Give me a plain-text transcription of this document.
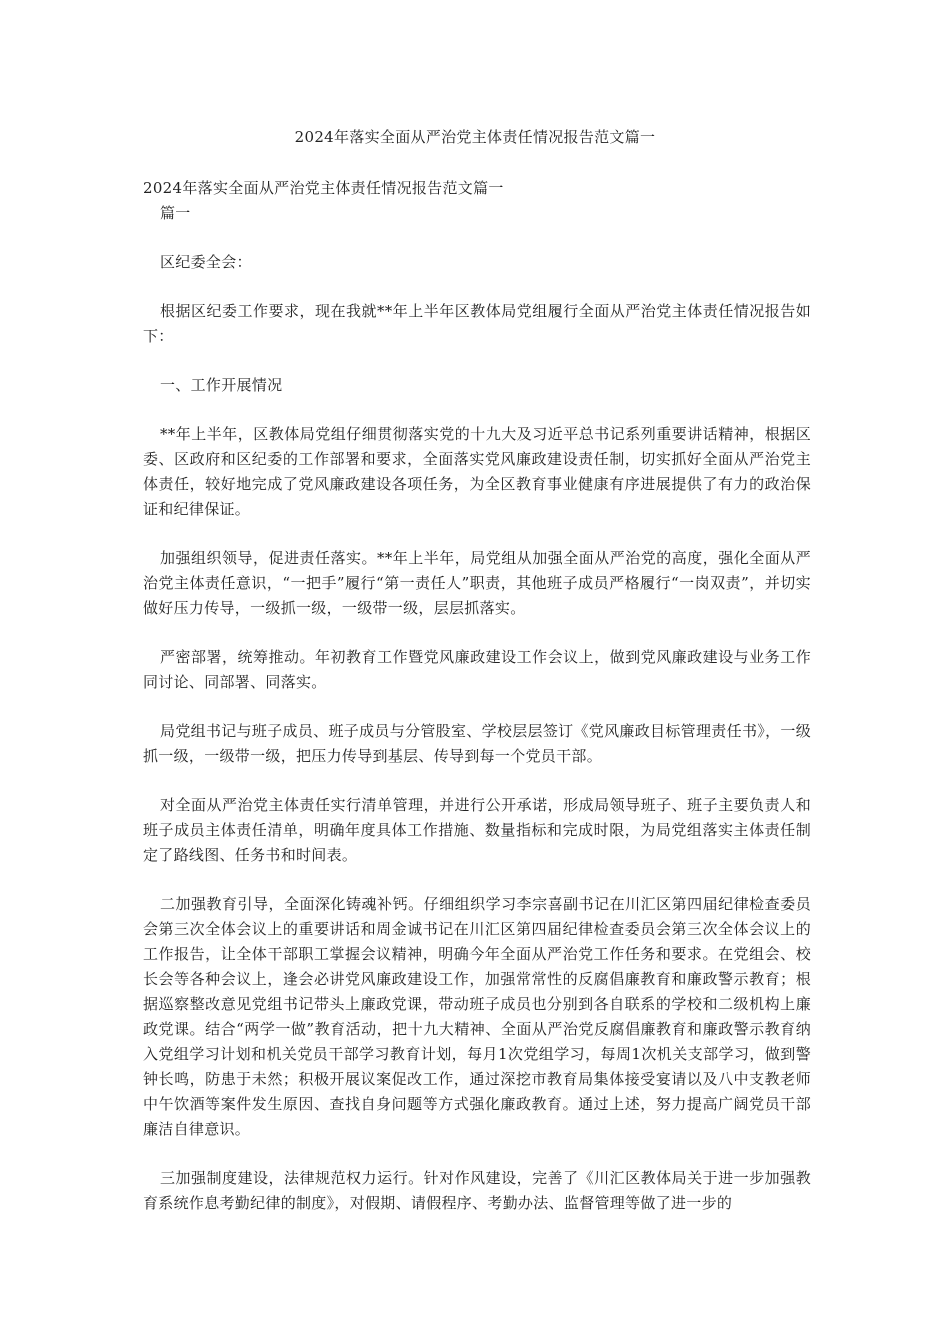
2024年落实全面从严治党主体责任情况报告范文篇一

2024年落实全面从严治党主体责任情况报告范文篇一

篇一

区纪委全会：

根据区纪委工作要求，现在我就**年上半年区教体局党组履行全面从严治党主体责任情况报告如下：

一、工作开展情况

**年上半年，区教体局党组仔细贯彻落实党的十九大及习近平总书记系列重要讲话精神，根据区委、区政府和区纪委的工作部署和要求，全面落实党风廉政建设责任制，切实抓好全面从严治党主体责任，较好地完成了党风廉政建设各项任务，为全区教育事业健康有序进展提供了有力的政治保证和纪律保证。

加强组织领导，促进责任落实。**年上半年，局党组从加强全面从严治党的高度，强化全面从严治党主体责任意识，“一把手”履行“第一责任人”职责，其他班子成员严格履行“一岗双责”，并切实做好压力传导，一级抓一级，一级带一级，层层抓落实。

严密部署，统筹推动。年初教育工作暨党风廉政建设工作会议上，做到党风廉政建设与业务工作同讨论、同部署、同落实。

局党组书记与班子成员、班子成员与分管股室、学校层层签订《党风廉政目标管理责任书》，一级抓一级，一级带一级，把压力传导到基层、传导到每一个党员干部。

对全面从严治党主体责任实行清单管理，并进行公开承诺，形成局领导班子、班子主要负责人和班子成员主体责任清单，明确年度具体工作措施、数量指标和完成时限，为局党组落实主体责任制定了路线图、任务书和时间表。

二加强教育引导，全面深化铸魂补钙。仔细组织学习李宗喜副书记在川汇区第四届纪律检查委员会第三次全体会议上的重要讲话和周金诚书记在川汇区第四届纪律检查委员会第三次全体会议上的工作报告，让全体干部职工掌握会议精神，明确今年全面从严治党工作任务和要求。在党组会、校长会等各种会议上，逢会必讲党风廉政建设工作，加强常常性的反腐倡廉教育和廉政警示教育；根据巡察整改意见党组书记带头上廉政党课，带动班子成员也分别到各自联系的学校和二级机构上廉政党课。结合“两学一做”教育活动，把十九大精神、全面从严治党反腐倡廉教育和廉政警示教育纳入党组学习计划和机关党员干部学习教育计划，每月1次党组学习，每周1次机关支部学习，做到警钟长鸣，防患于未然；积极开展议案促改工作，通过深挖市教育局集体接受宴请以及八中支教老师中午饮酒等案件发生原因、查找自身问题等方式强化廉政教育。通过上述，努力提高广阔党员干部廉洁自律意识。

三加强制度建设，法律规范权力运行。针对作风建设，完善了《川汇区教体局关于进一步加强教育系统作息考勤纪律的制度》，对假期、请假程序、考勤办法、监督管理等做了进一步的
